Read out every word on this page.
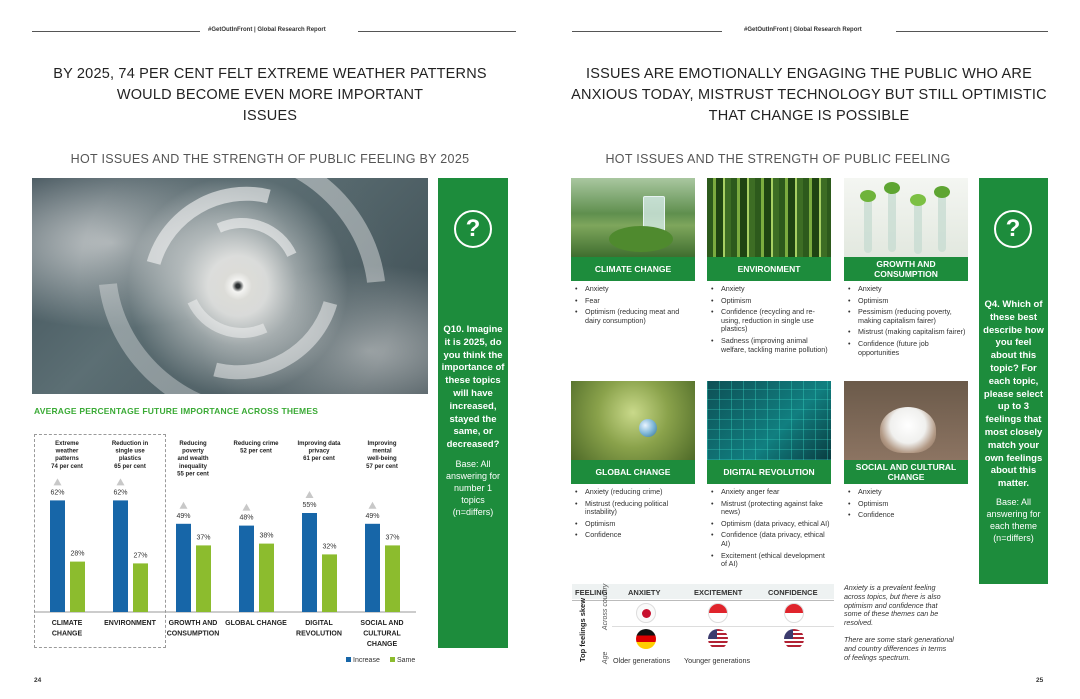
#GetOutInFront | Global Research Report	#GetOutInFront | Global Research Report
BY 2025, 74 PER CENT FELT EXTREME WEATHER PATTERNS
WOULD BECOME EVEN MORE IMPORTANT
ISSUES
HOT ISSUES AND THE STRENGTH OF PUBLIC FEELING BY 2025
AVERAGE PERCENTAGE FUTURE IMPORTANCE ACROSS THEMES
Extreme
weather
patterns
74 per cent
62%
28%
CLIMATE
CHANGE
Reduction in
single use
plastics
65 per cent
62%
27%
ENVIRONMENT
Reducing
poverty
and wealth
inequality
55 per cent
49%
37%
GROWTH AND
CONSUMPTION
Reducing crime
52 per cent
48%
38%
GLOBAL CHANGE
Improving data
privacy
61 per cent
55%
32%
DIGITAL
REVOLUTION
Improving
mental
well-being
57 per cent
49%
37%
SOCIAL AND
CULTURAL
CHANGE
Increase Same
?
Q10. Imagine
it is 2025, do
you think the
importance of
these topics
will have
increased,
stayed the
same, or
decreased?
Base: All
answering for
number 1
topics
(n=differs)
24
ISSUES ARE EMOTIONALLY ENGAGING THE PUBLIC WHO ARE
ANXIOUS TODAY, MISTRUST TECHNOLOGY BUT STILL OPTIMISTIC
THAT CHANGE IS POSSIBLE
HOT ISSUES AND THE STRENGTH OF PUBLIC FEELING
CLIMATE CHANGE
• Anxiety
• Fear
• Optimism (reducing meat and dairy consumption)
ENVIRONMENT
• Anxiety
• Optimism
• Confidence (recycling and re-using, reduction in single use plastics)
• Sadness (improving animal welfare, tackling marine pollution)
GROWTH AND CONSUMPTION
• Anxiety
• Optimism
• Pessimism (reducing poverty, making capitalism fairer)
• Mistrust (making capitalism fairer)
• Confidence (future job opportunities
GLOBAL CHANGE
• Anxiety (reducing crime)
• Mistrust (reducing political instability)
• Optimism
• Confidence
DIGITAL REVOLUTION
• Anxiety anger fear
• Mistrust (protecting against fake news)
• Optimism (data privacy, ethical AI)
• Confidence (data privacy, ethical AI)
• Excitement (ethical development of AI)
SOCIAL AND CULTURAL CHANGE
• Anxiety
• Optimism
• Confidence
FEELING	ANXIETY	EXCITEMENT	CONFIDENCE
Top feelings skew Across country
Age Older generations Younger generations
Anxiety is a prevalent feeling
across topics, but there is also
optimism and confidence that
some of these themes can be
resolved.
There are some stark generational
and country differences in terms
of feelings spectrum.
?
Q4. Which of
these best
describe how
you feel
about this
topic? For
each topic,
please select
up to 3
feelings that
most closely
match your
own feelings
about this
matter.
Base: All
answering for
each theme
(n=differs)
25
